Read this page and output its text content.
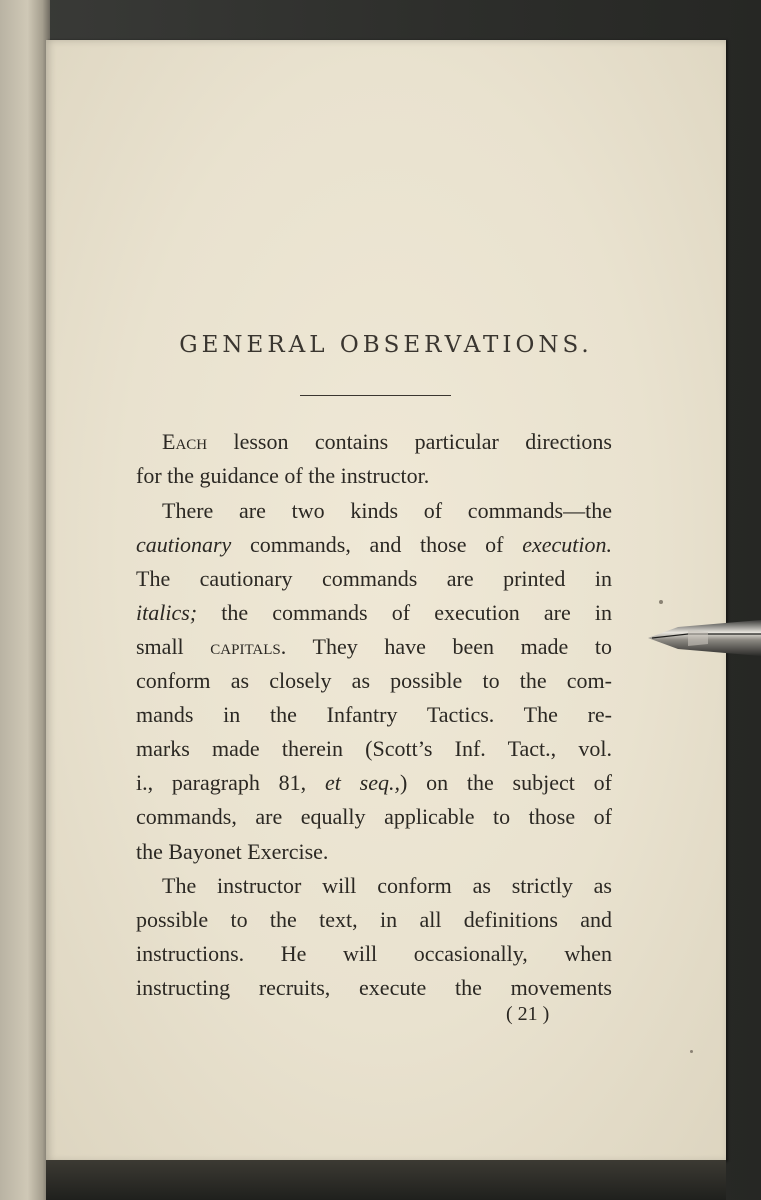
GENERAL OBSERVATIONS.
Each lesson contains particular directions
for the guidance of the instructor.
There are two kinds of commands—the
cautionary commands, and those of execution.
The cautionary commands are printed in
italics; the commands of execution are in
small capitals. They have been made to
conform as closely as possible to the com-
mands in the Infantry Tactics. The re-
marks made therein (Scott’s Inf. Tact., vol.
i., paragraph 81, et seq.,) on the subject of
commands, are equally applicable to those of
the Bayonet Exercise.
The instructor will conform as strictly as
possible to the text, in all definitions and
instructions. He will occasionally, when
instructing recruits, execute the movements
( 21 )
